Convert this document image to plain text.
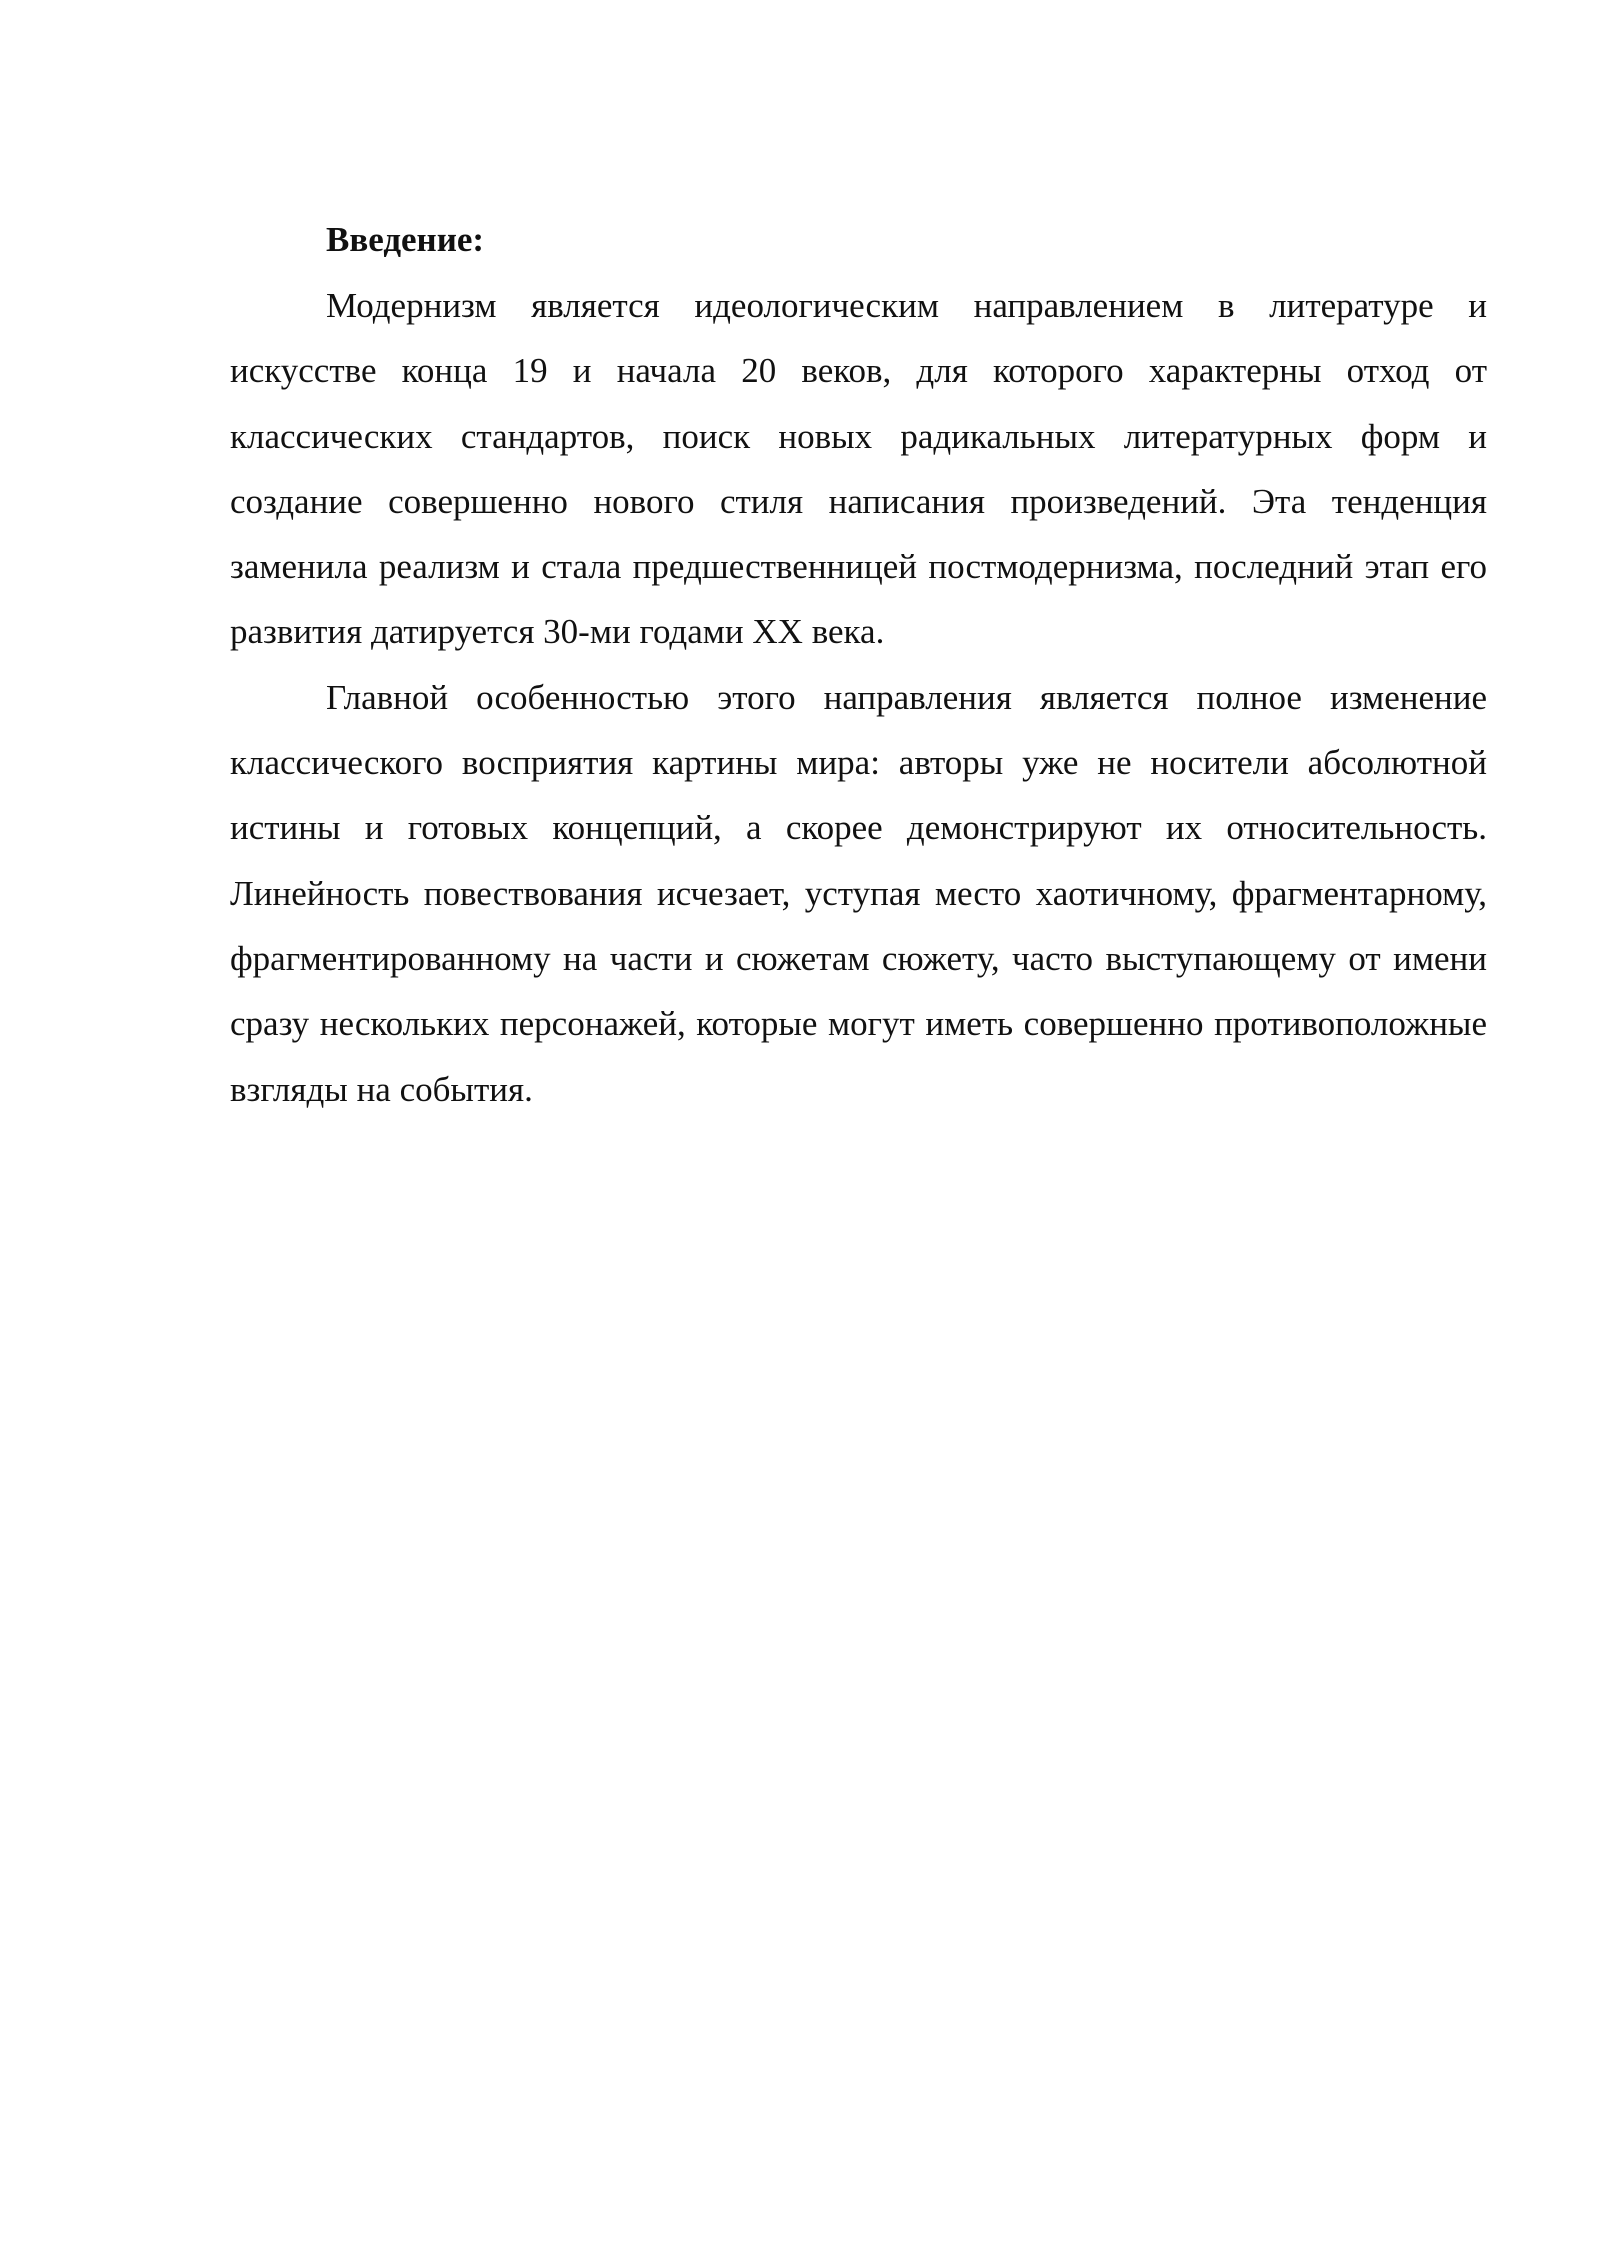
Введение:

Модернизм является идеологическим направлением в литературе и искусстве конца 19 и начала 20 веков, для которого характерны отход от классических стандартов, поиск новых радикальных литературных форм и создание совершенно нового стиля написания произведений. Эта тенденция заменила реализм и стала предшественницей постмодернизма, последний этап его развития датируется 30-ми годами XX века.

Главной особенностью этого направления является полное изменение классического восприятия картины мира: авторы уже не носители абсолютной истины и готовых концепций, а скорее демонстрируют их относительность. Линейность повествования исчезает, уступая место хаотичному, фрагментарному, фрагментированному на части и сюжетам сюжету, часто выступающему от имени сразу нескольких персонажей, которые могут иметь совершенно противоположные взгляды на события.
